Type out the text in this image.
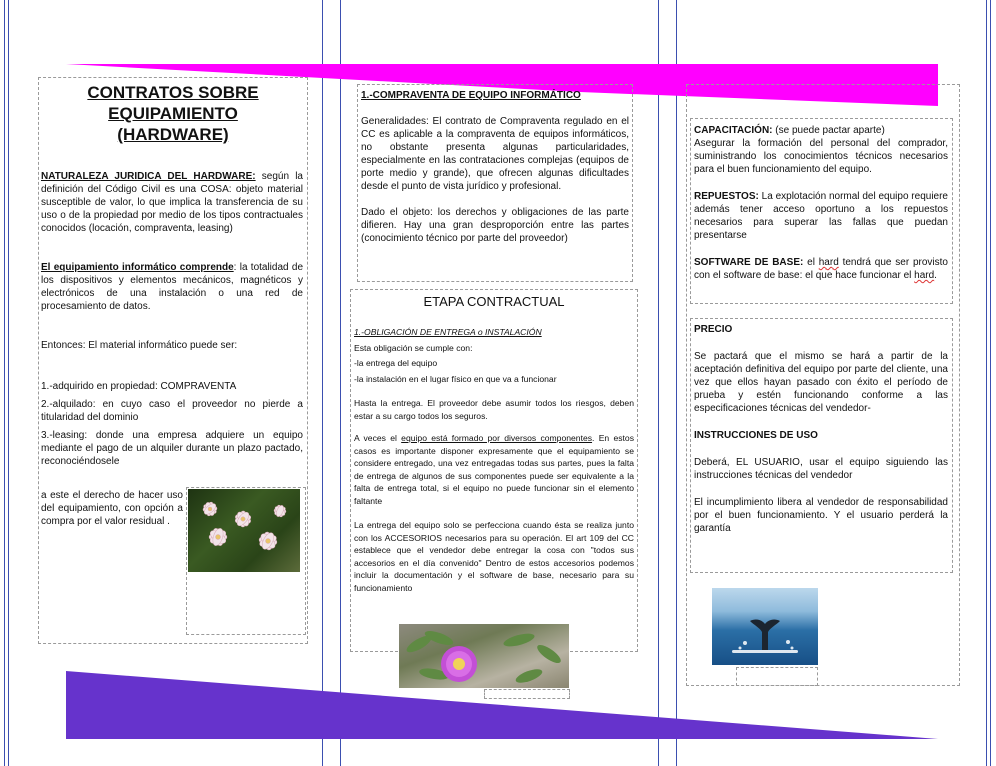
CONTRATOS SOBRE
EQUIPAMIENTO
(HARDWARE)

NATURALEZA JURIDICA DEL HARDWARE: según la definición del Código Civil es una COSA: objeto material susceptible de valor, lo que implica la transferencia de su uso o de la propiedad por medio de los tipos contractuales conocidos (locación, compraventa, leasing)

El equipamiento informático comprende: la totalidad de los dispositivos y elementos mecánicos, magnéticos y electrónicos de una instalación o una red de procesamiento de datos.

Entonces: El material informático puede ser:

1.-adquirido en propiedad: COMPRAVENTA

2.-alquilado: en cuyo caso el proveedor no pierde a titularidad del dominio

3.-leasing: donde una empresa adquiere un equipo mediante el pago de un alquiler durante un plazo pactado, reconociéndosele

a este el derecho de hacer uso del equipamiento, con opción a compra por el valor residual .
1.-COMPRAVENTA DE EQUIPO INFORMÁTICO

Generalidades: El contrato de Compraventa regulado en el CC es aplicable a la compraventa de equipos informáticos, no obstante presenta algunas particularidades, especialmente en las contrataciones complejas (equipos de porte medio y grande), que ofrecen algunas dificultades desde el punto de vista jurídico y profesional.

Dado el objeto: los derechos y obligaciones de las parte difieren. Hay una gran desproporción entre las partes (conocimiento técnico por parte del proveedor)

ETAPA CONTRACTUAL

1.-OBLIGACIÓN DE ENTREGA o INSTALACIÓN

Esta obligación se cumple con:

-la entrega del equipo

-la instalación en el lugar físico en que va a funcionar

Hasta la entrega. El proveedor debe asumir todos los riesgos, deben estar a su cargo todos los seguros.

A veces el equipo está formado por diversos componentes. En estos casos es importante disponer expresamente que el equipamiento se considere entregado, una vez entregadas todas sus partes, pues la falta de entrega de algunos de sus componentes puede ser equivalente a la falta de entrega total, si el equipo no puede funcionar sin el elemento faltante

La entrega del equipo solo se perfecciona cuando ésta se realiza junto con los ACCESORIOS necesarios para su operación. El art 109 del CC establece que el vendedor debe entregar la cosa con "todos sus accesorios en el día convenido" Dentro de estos accesorios podemos incluir la documentación y el software de base, necesario para su funcionamiento

CAPACITACIÓN: (se puede pactar aparte)

Asegurar la formación del personal del comprador, suministrando los conocimientos técnicos necesarios para el buen funcionamiento del equipo.

REPUESTOS: La explotación normal del equipo requiere además tener acceso oportuno a los repuestos necesarios para superar las fallas que puedan presentarse

SOFTWARE DE BASE: el hard tendrá que ser provisto con el software de base: el que hace funcionar el hard.

PRECIO

Se pactará que el mismo se hará a partir de la aceptación definitiva del equipo por parte del cliente, una vez que ellos hayan pasado con éxito el período de prueba y estén funcionando conforme a las especificaciones técnicas del vendedor-

INSTRUCCIONES DE USO

Deberá, EL USUARIO, usar el equipo siguiendo las instrucciones técnicas del vendedor

El incumplimiento libera al vendedor de responsabilidad por el buen funcionamiento. Y el usuario perderá la garantía
